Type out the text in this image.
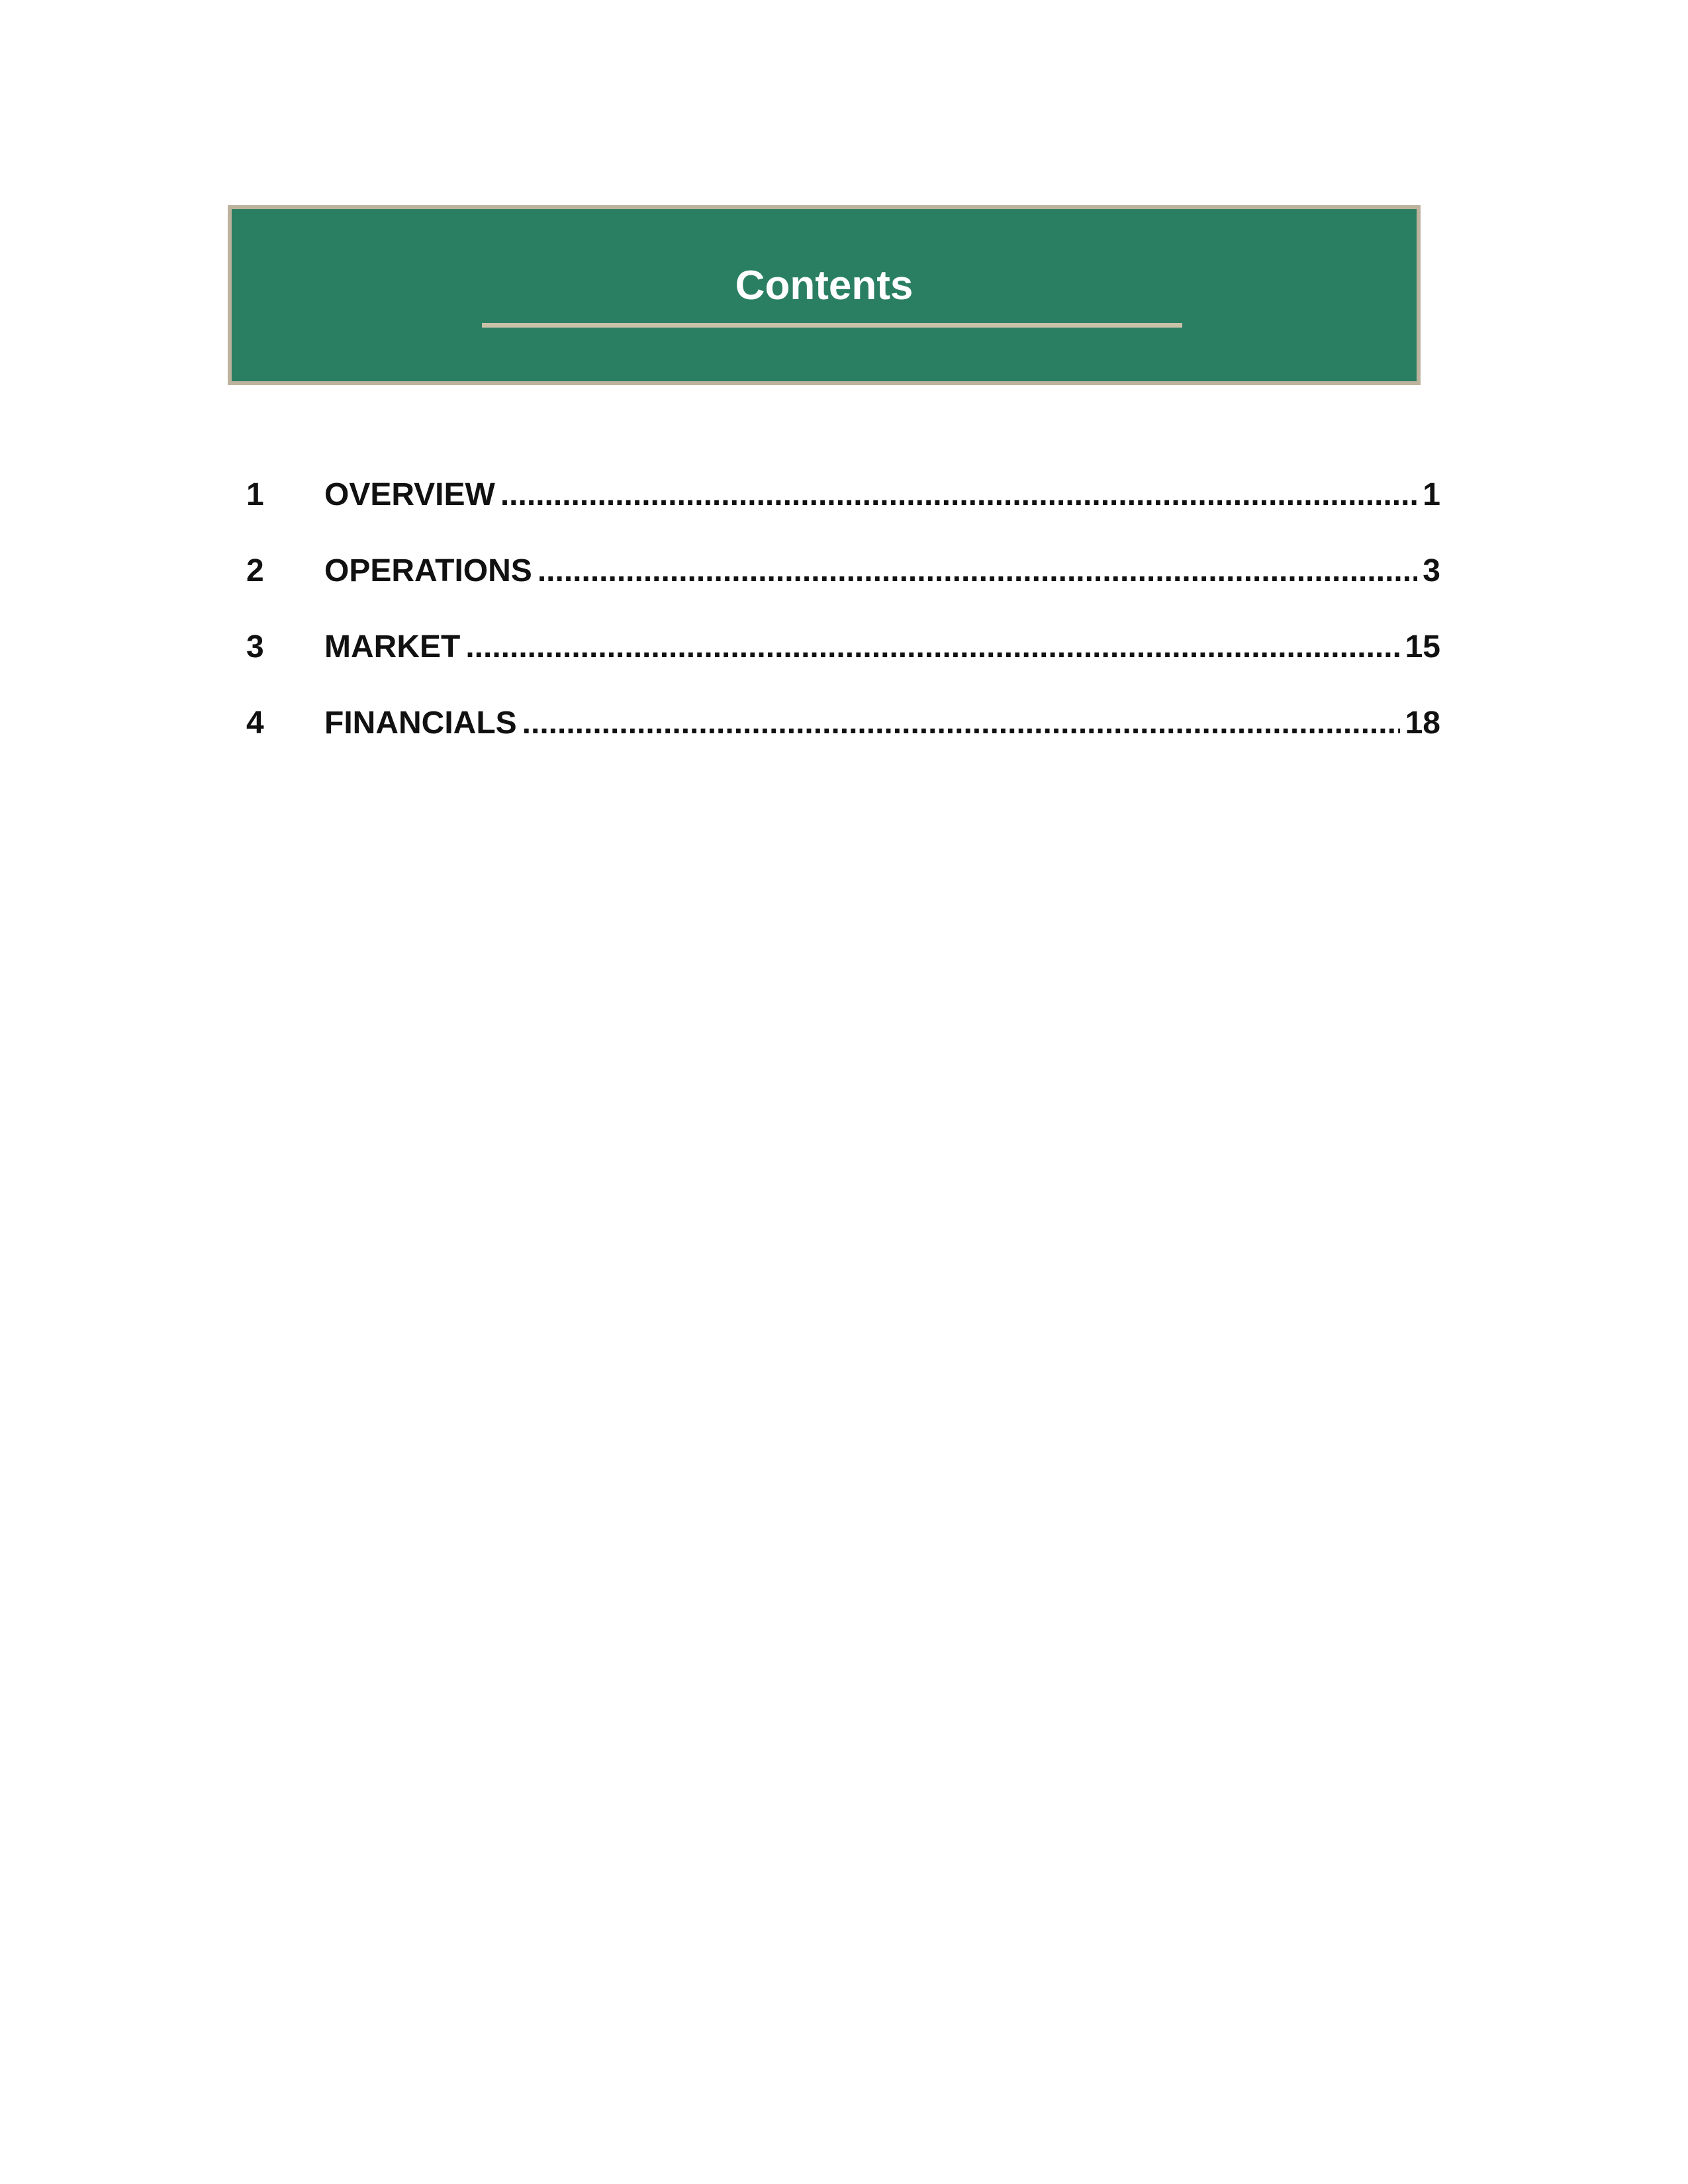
Contents
1	OVERVIEW .....	1
2	OPERATIONS .....	3
3	MARKET .....	15
4	FINANCIALS .....	18
